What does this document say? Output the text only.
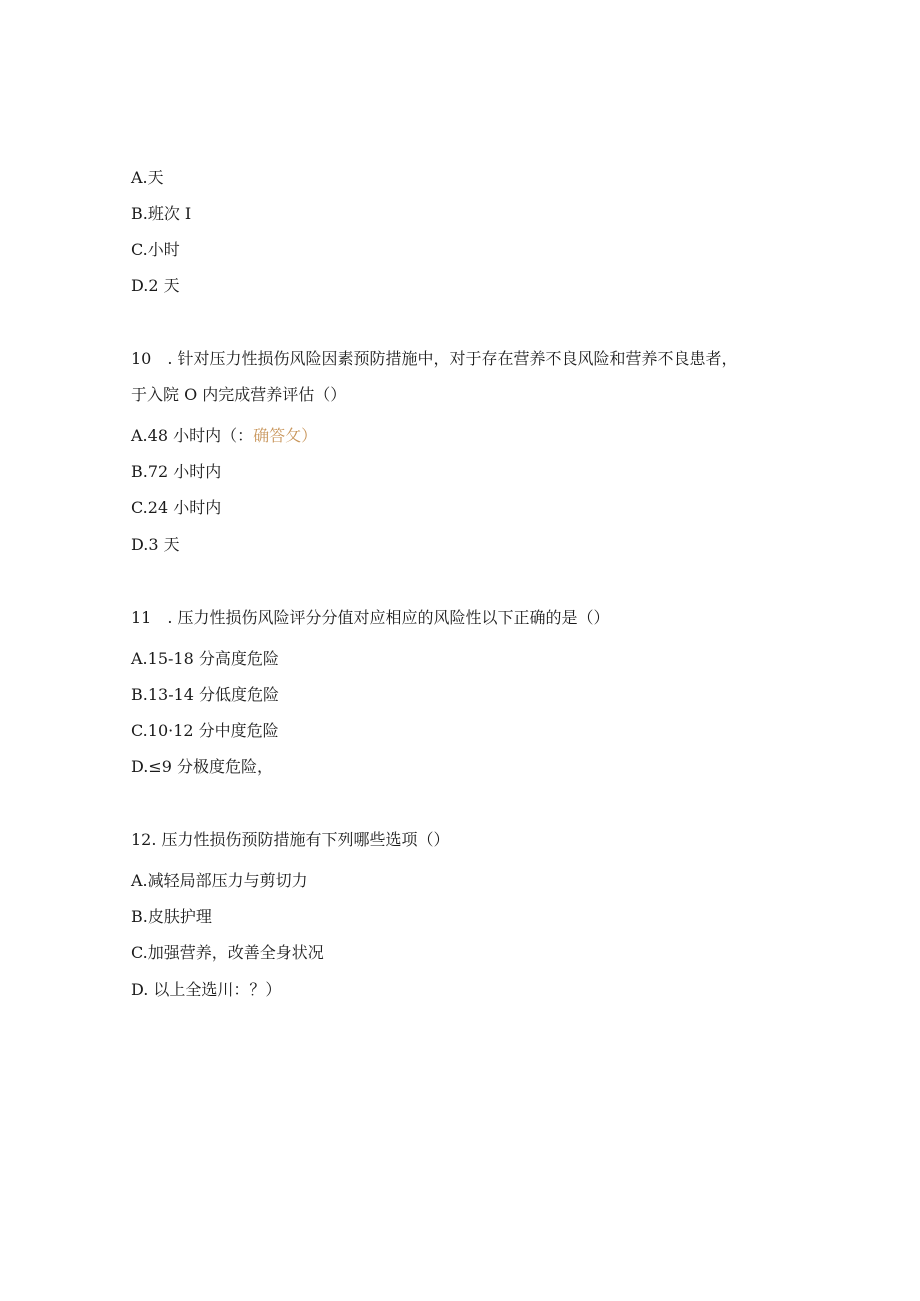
A.天
B.班次 I
C.小时
D.2 天
10　. 针对压力性损伤风险因素预防措施中，对于存在营养不良风险和营养不良患者，
于入院 O 内完成营养评估（）
A.48 小时内（：确答攵）
B.72 小时内
C.24 小时内
D.3 天
11　. 压力性损伤风险评分分值对应相应的风险性以下正确的是（）
A.15-18 分高度危险
B.13-14 分低度危险
C.10·12 分中度危险
D.≤9 分极度危险，
12. 压力性损伤预防措施有下列哪些选项（）
A.减轻局部压力与剪切力
B.皮肤护理
C.加强营养，改善全身状况
D. 以上全选川：？）
